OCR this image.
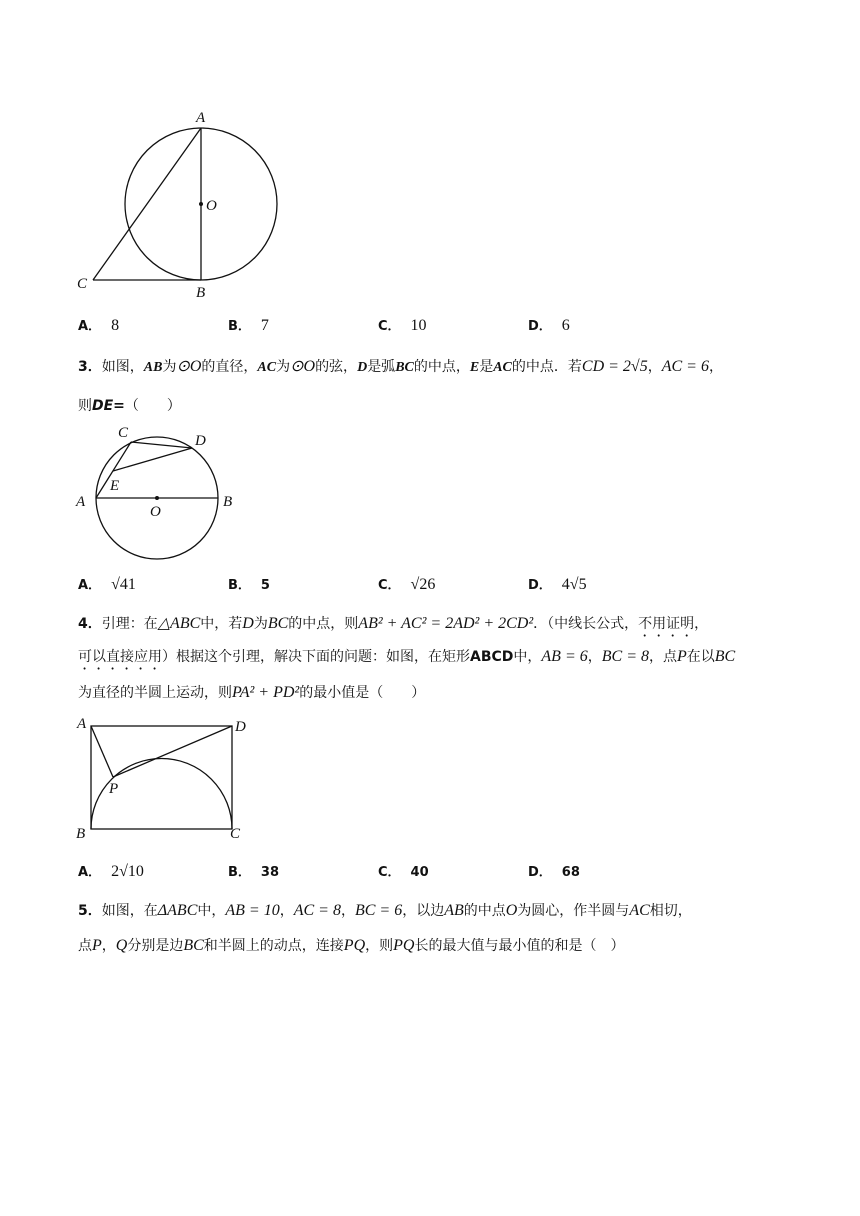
A
O
C
B
A． 8	B． 7	C． 10	D． 6
3．如图，AB为⊙O的直径，AC为⊙O的弦，D是弧BC的中点，E是AC的中点．若CD = 2√5，AC = 6，
则DE=（　　）
C	D
E
A
O
B
A． √41	B． 5	C． √26	D． 4√5
4．引理：在△ABC中，若D为BC的中点，则AB² + AC² = 2AD² + 2CD²．（中线长公式，不用证明，
可以直接应用）根据这个引理，解决下面的问题：如图，在矩形ABCD中，AB = 6，BC = 8，点P在以BC
为直径的半圆上运动，则PA² + PD²的最小值是（　　）
A	D
P
B	C
A． 2√10	B． 38	C． 40	D． 68
5．如图，在ΔABC中，AB = 10，AC = 8，BC = 6，以边AB的中点O为圆心，作半圆与AC相切，
点P，Q分别是边BC和半圆上的动点，连接PQ，则PQ长的最大值与最小值的和是（　）
